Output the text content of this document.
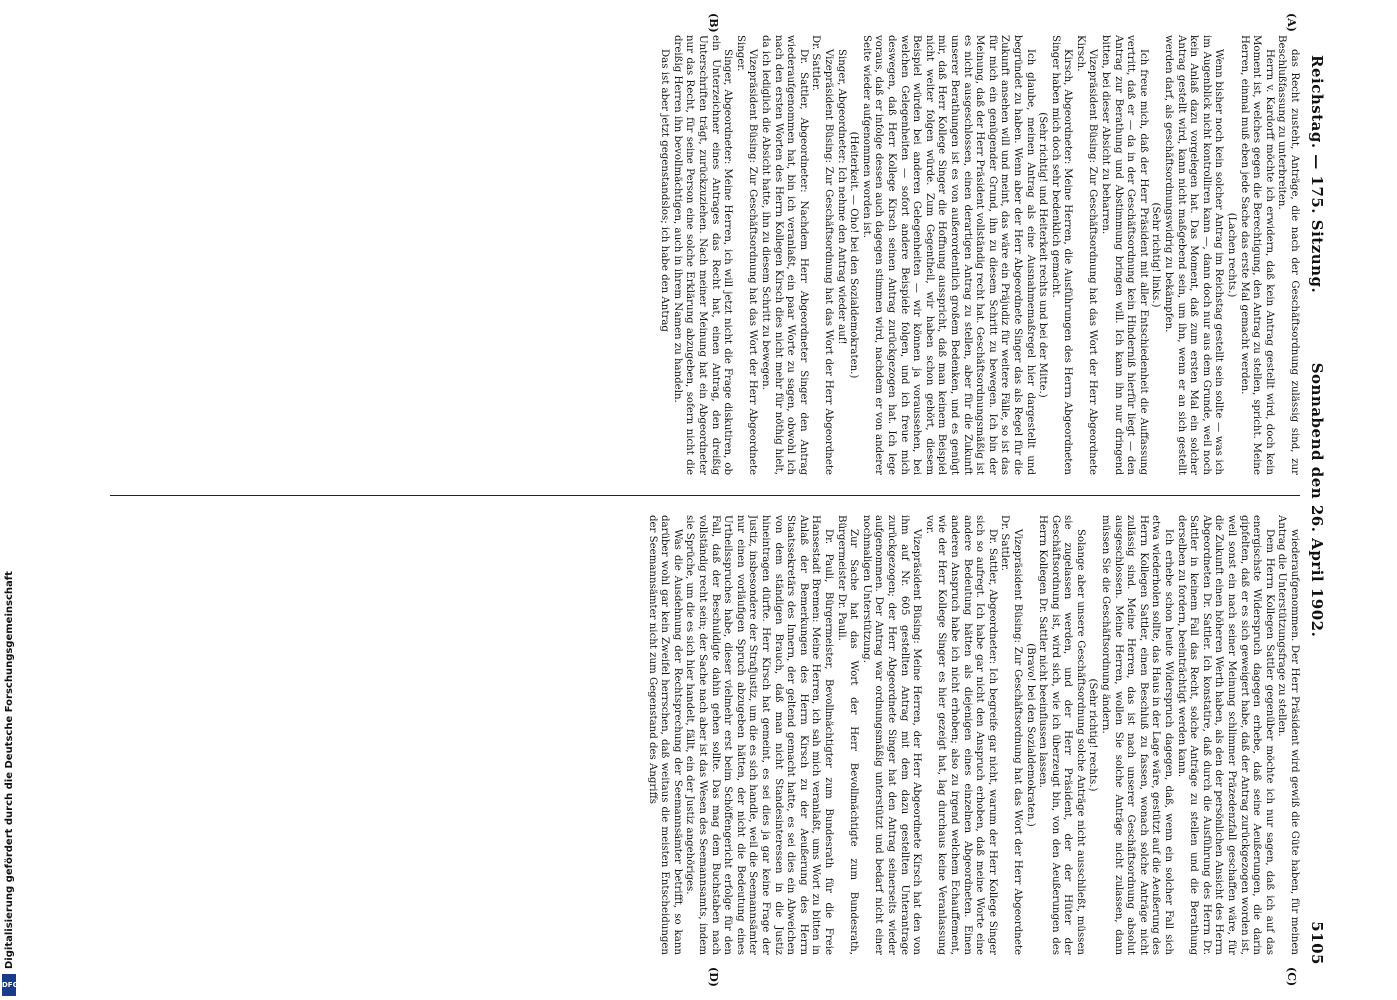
Digitalisierung gefördert durch die Deutsche Forschungsgemeinschaft
DFG
Reichstag. — 175. Sitzung.
Sonnabend den 26. April 1902.
5105
(A)
(B)
(C)
(D)

das Recht zusteht, Anträge, die nach der Geschäftsordnung zulässig sind, zur Beschlußfassung zu unterbreiten.

Herrn v. Kardorff möchte ich erwidern, daß kein Antrag gestellt wird, doch kein Moment ist, welches gegen die Berechtigung, den Antrag zu stellen, spricht. Meine Herren, einmal muß eben jede Sache das erste Mal gemacht werden.

(Lachen rechts.)

Wenn bisher noch kein solcher Antrag im Reichstag gestellt sein sollte — was ich im Augenblick nicht kontrolliren kann —, dann doch nur aus dem Grunde, weil noch kein Anlaß dazu vorgelegen hat. Das Moment, daß zum ersten Mal ein solcher Antrag gestellt wird, kann nicht maßgebend sein, um ihn, wenn er an sich gestellt werden darf, als geschäftsordnungswidrig zu bekämpfen.

(Sehr richtig! links.)

Ich freue mich, daß der Herr Präsident mit aller Entschiedenheit die Auffassung vertritt, daß er — da in der Geschäftsordnung kein Hinderniß hierfür liegt — den Antrag zur Berathung und Abstimmung bringen will. Ich kann ihn nur dringend bitten, bei dieser Absicht zu beharren.

Vizepräsident Büsing: Zur Geschäftsordnung hat das Wort der Herr Abgeordnete Kirsch.

Kirsch, Abgeordneter: Meine Herren, die Ausführungen des Herrn Abgeordneten Singer haben mich doch sehr bedenklich gemacht.

(Sehr richtig! und Heiterkeit rechts und bei der Mitte.)

Ich glaube, meinen Antrag als eine Ausnahmemaßregel hier dargestellt und begründet zu haben. Wenn aber der Herr Abgeordnete Singer das als Regel für die Zukunft ansehen will und meint, das wäre ein Präjudiz für weitere Fälle, so ist das für mich ein genügender Grund, ihn zu diesem Schritt zu bewegen. Ich bin der Meinung, daß der Herr Präsident vollständig recht hat. Geschäftsordnungsmäßig ist es nicht ausgeschlossen, einen derartigen Antrag zu stellen, aber für die Zukunft unserer Berathungen ist es von außerordentlich großem Bedenken, und es genügt mir, daß Herr Kollege Singer die Hoffnung ausspricht, daß man keinem Beispiel nicht weiter folgen würde. Zum Gegentheil, wir haben schon gehört, diesem Beispiel würden bei anderen Gelegenheiten — wir können ja voraussehen, bei welchen Gelegenheiten — sofort andere Beispiele folgen, und ich freue mich deswegen, daß Herr Kollege Kirsch seinen Antrag zurückgezogen hat. Ich lege voraus, daß er infolge dessen auch dagegen stimmen wird, nachdem er von anderer Seite wieder aufgenommen worden ist.

(Heiterkeit. — Oho! bei den Sozialdemokraten.)

Singer, Abgeordneter: Ich nehme den Antrag wieder auf!

Vizepräsident Büsing: Zur Geschäftsordnung hat das Wort der Herr Abgeordnete Dr. Sattler.

Dr. Sattler, Abgeordneter: Nachdem Herr Abgeordneter Singer den Antrag wiederaufgenommen hat, bin ich veranlaßt, ein paar Worte zu sagen, obwohl ich nach den ersten Worten des Herrn Kollegen Kirsch dies nicht mehr für nöthig hielt, da ich lediglich die Absicht hatte, ihn zu diesem Schritt zu bewegen.

Vizepräsident Büsing: Zur Geschäftsordnung hat das Wort der Herr Abgeordnete Singer.

Singer, Abgeordneter: Meine Herren, ich will jetzt nicht die Frage diskutiren, ob ein Unterzeichner eines Antrages das Recht hat, einen Antrag, den dreißig Unterschriften trägt, zurückzuziehen. Nach meiner Meinung hat ein Abgeordneter nur das Recht, für seine Person eine solche Erklärung abzugeben, sofern nicht die dreißig Herren ihn bevollmächtigen, auch in ihrem Namen zu handeln.

Das ist aber jetzt gegenstandslos; ich habe den Antrag

wiederaufgenommen. Der Herr Präsident wird gewiß die Güte haben, für meinen Antrag die Unterstützungsfrage zu stellen.

Dem Herrn Kollegen Sattler gegenüber möchte ich nur sagen, daß ich auf das energischste Widerspruch dagegen erhebe, daß seine Aeußerungen, die darin gipfelten, daß er es sich geweigert habe, daß der Antrag zurückgezogen worden ist, weil sonst ein nach seiner Meinung schlimmer Präzedenzfall geschaffen wäre, für die Zukunft einen höheren Werth haben, als den der persönlichen Ansicht des Herrn Abgeordneten Dr. Sattler. Ich konstatire, daß durch die Ausführung des Herrn Dr. Sattler in keinem Fall das Recht, solche Anträge zu stellen und die Berathung derselben zu fordern, beeinträchtigt werden kann.

Ich erhebe schon heute Widerspruch dagegen, daß, wenn ein solcher Fall sich etwa wiederholen sollte, das Haus in der Lage wäre, gestützt auf die Aeußerung des Herrn Kollegen Sattler, einen Beschluß zu fassen, wonach solche Anträge nicht zulässig sind. Meine Herren, das ist nach unserer Geschäftsordnung absolut ausgeschlossen. Meine Herren, wollen Sie solche Anträge nicht zulassen, dann müssen Sie die Geschäftsordnung ändern.

(Sehr richtig! rechts.)

Solange aber unsere Geschäftsordnung solche Anträge nicht ausschließt, müssen sie zugelassen werden, und der Herr Präsident, der der Hüter der Geschäftsordnung ist, wird sich, wie ich überzeugt bin, von den Aeußerungen des Herrn Kollegen Dr. Sattler nicht beeinflussen lassen.

(Bravo! bei den Sozialdemokraten.)

Vizepräsident Büsing: Zur Geschäftsordnung hat das Wort der Herr Abgeordnete Dr. Sattler.

Dr. Sattler, Abgeordneter: Ich begreife gar nicht, warum der Herr Kollege Singer sich so aufregt. Ich habe gar nicht den Anspruch erhoben, daß meine Worte eine andere Bedeutung hätten als diejenigen eines einzelnen Abgeordneten. Einen anderen Anspruch habe ich nicht erhoben; also zu irgend welchem Echauffement, wie der Herr Kollege Singer es hier gezeigt hat, lag durchaus keine Veranlassung vor.

Vizepräsident Büsing: Meine Herren, der Herr Abgeordnete Kirsch hat den von ihm auf Nr. 605 gestellten Antrag mit dem dazu gestellten Unterantrage zurückgezogen; der Herr Abgeordnete Singer hat den Antrag seinerseits wieder aufgenommen. Der Antrag war ordnungsmäßig unterstützt und bedarf nicht einer nochmaligen Unterstützung.

Zur Sache hat das Wort der Herr Bevollmächtigte zum Bundesrath, Bürgermeister Dr. Pauli.

Dr. Pauli, Bürgermeister, Bevollmächtigter zum Bundesrath für die Freie Hansestadt Bremen: Meine Herren, ich sah mich veranlaßt, ums Wort zu bitten in Anlaß der Bemerkungen des Herrn Kirsch zu der Aeußerung des Herrn Staatssekretärs des Innern, der geltend gemacht hatte, es sei dies ein Abweichen von dem ständigen Brauch, daß man nicht Standesinteressen in die Justiz hineintragen dürfte. Herr Kirsch hat gemeint, es sei dies ja gar keine Frage der Justiz, insbesondere der Strafjustiz, um die es sich handle, weil die Seemannsämter nur einen vorläufigen Spruch abzugeben hätten, der nicht die Bedeutung eines Urtheilsspruches habe, dieser vielmehr erst beim Schöffengericht erfolge für den Fall, daß der Beschuldigte dahin gehen sollte. Das mag dem Buchstaben nach vollständig recht sein; der Sache nach aber ist das Wesen des Seemannsamts, indem sie Sprüche, um die es sich hier handelt, fällt, ein der Justiz angehöriges.

Was die Ausdehnung der Rechtsprechung der Seemannsämter betrifft, so kann darüber wohl gar kein Zweifel herrschen, daß weitaus die meisten Entscheidungen der Seemannsämter nicht zum Gegenstand des Angriffs
